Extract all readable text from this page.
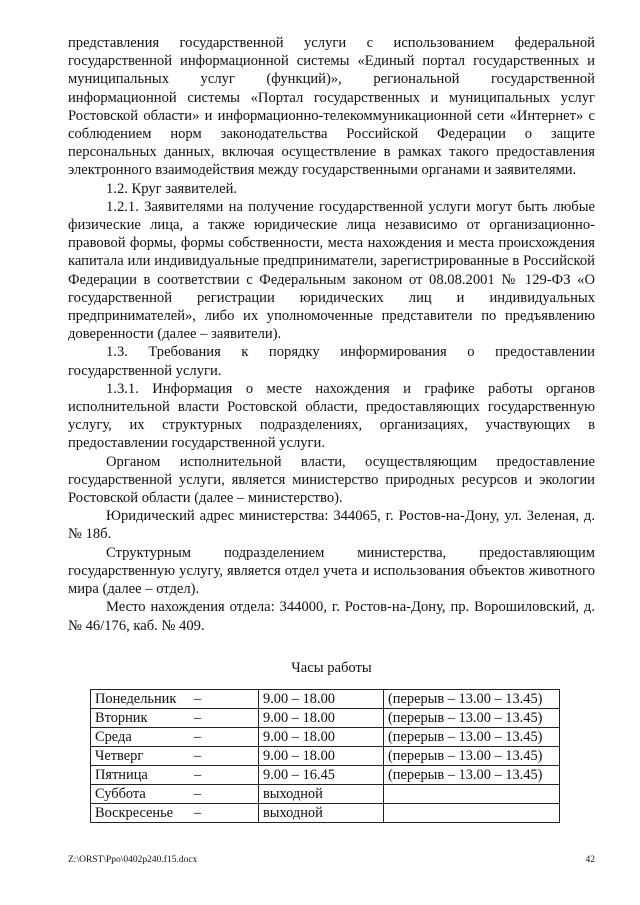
представления государственной услуги с использованием федеральной государственной информационной системы «Единый портал государственных и муниципальных услуг (функций)», региональной государственной информационной системы «Портал государственных и муниципальных услуг Ростовской области» и информационно-телекоммуникационной сети «Интернет» с соблюдением норм законодательства Российской Федерации о защите персональных данных, включая осуществление в рамках такого предоставления электронного взаимодействия между государственными органами и заявителями.

1.2. Круг заявителей.

1.2.1. Заявителями на получение государственной услуги могут быть любые физические лица, а также юридические лица независимо от организационно-правовой формы, формы собственности, места нахождения и места происхождения капитала или индивидуальные предприниматели, зарегистрированные в Российской Федерации в соответствии с Федеральным законом от 08.08.2001 № 129-ФЗ «О государственной регистрации юридических лиц и индивидуальных предпринимателей», либо их уполномоченные представители по предъявлению доверенности (далее – заявители).

1.3. Требования к порядку информирования о предоставлении государственной услуги.

1.3.1. Информация о месте нахождения и графике работы органов исполнительной власти Ростовской области, предоставляющих государственную услугу, их структурных подразделениях, организациях, участвующих в предоставлении государственной услуги.

Органом исполнительной власти, осуществляющим предоставление государственной услуги, является министерство природных ресурсов и экологии Ростовской области (далее – министерство).

Юридический адрес министерства: 344065, г. Ростов-на-Дону, ул. Зеленая, д. № 18б.

Структурным подразделением министерства, предоставляющим государственную услугу, является отдел учета и использования объектов животного мира (далее – отдел).

Место нахождения отдела: 344000, г. Ростов-на-Дону, пр. Ворошиловский, д. № 46/176, каб. № 409.

Часы работы
Понедельник	–	9.00 – 18.00	(перерыв – 13.00 – 13.45)
Вторник	–	9.00 – 18.00	(перерыв – 13.00 – 13.45)
Среда	–	9.00 – 18.00	(перерыв – 13.00 – 13.45)
Четверг	–	9.00 – 18.00	(перерыв – 13.00 – 13.45)
Пятница	–	9.00 – 16.45	(перерыв – 13.00 – 13.45)
Суббота	–	выходной	
Воскресенье	–	выходной	
Z:\ORST\Ppo\0402p240.f15.docx	42
